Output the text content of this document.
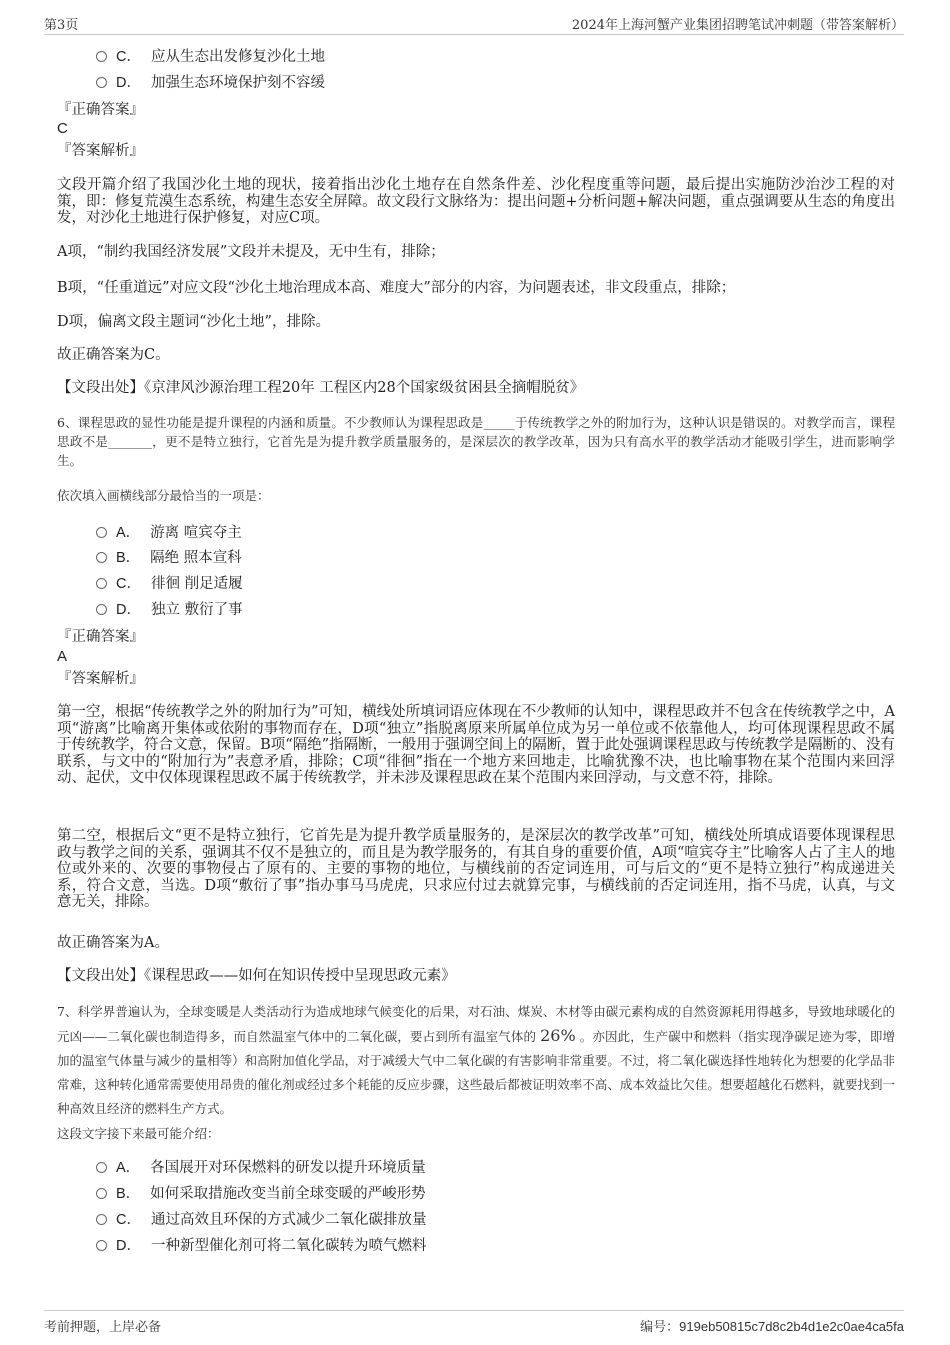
第3页	2024年上海河蟹产业集团招聘笔试冲刺题（带答案解析）
C． 应从生态出发修复沙化土地
D． 加强生态环境保护刻不容缓
『正确答案』
C
『答案解析』
文段开篇介绍了我国沙化土地的现状，接着指出沙化土地存在自然条件差、沙化程度重等问题，最后提出实施防沙治沙工程的对策，即：修复荒漠生态系统，构建生态安全屏障。故文段行文脉络为：提出问题+分析问题+解决问题，重点强调要从生态的角度出发，对沙化土地进行保护修复，对应C项。
A项，“制约我国经济发展”文段并未提及，无中生有，排除；
B项，“任重道远”对应文段“沙化土地治理成本高、难度大”部分的内容，为问题表述，非文段重点，排除；
D项，偏离文段主题词“沙化土地”，排除。
故正确答案为C。
【文段出处】《京津风沙源治理工程20年 工程区内28个国家级贫困县全摘帽脱贫》
6、课程思政的显性功能是提升课程的内涵和质量。不少教师认为课程思政是_____于传统教学之外的附加行为，这种认识是错误的。对教学而言，课程思政不是_______，更不是特立独行，它首先是为提升教学质量服务的，是深层次的教学改革，因为只有高水平的教学活动才能吸引学生，进而影响学生。
依次填入画横线部分最恰当的一项是：
A． 游离 喧宾夺主
B． 隔绝 照本宣科
C． 徘徊 削足适履
D． 独立 敷衍了事
『正确答案』
A
『答案解析』
第一空，根据“传统教学之外的附加行为”可知，横线处所填词语应体现在不少教师的认知中，课程思政并不包含在传统教学之中，A项“游离”比喻离开集体或依附的事物而存在，D项“独立”指脱离原来所属单位成为另一单位或不依靠他人，均可体现课程思政不属于传统教学，符合文意，保留。B项“隔绝”指隔断，一般用于强调空间上的隔断，置于此处强调课程思政与传统教学是隔断的、没有联系，与文中的“附加行为”表意矛盾，排除；C项“徘徊”指在一个地方来回地走，比喻犹豫不决，也比喻事物在某个范围内来回浮动、起伏，文中仅体现课程思政不属于传统教学，并未涉及课程思政在某个范围内来回浮动，与文意不符，排除。
第二空，根据后文“更不是特立独行，它首先是为提升教学质量服务的，是深层次的教学改革”可知，横线处所填成语要体现课程思政与教学之间的关系，强调其不仅不是独立的，而且是为教学服务的，有其自身的重要价值，A项“喧宾夺主”比喻客人占了主人的地位或外来的、次要的事物侵占了原有的、主要的事物的地位，与横线前的否定词连用，可与后文的“更不是特立独行”构成递进关系，符合文意，当选。D项“敷衍了事”指办事马马虎虎，只求应付过去就算完事，与横线前的否定词连用，指不马虎，认真，与文意无关，排除。
故正确答案为A。
【文段出处】《课程思政——如何在知识传授中呈现思政元素》
7、科学界普遍认为，全球变暖是人类活动行为造成地球气候变化的后果，对石油、煤炭、木材等由碳元素构成的自然资源耗用得越多，导致地球暖化的元凶——二氧化碳也制造得多，而自然温室气体中的二氧化碳，要占到所有温室气体的 26% 。亦因此，生产碳中和燃料（指实现净碳足迹为零，即增加的温室气体量与减少的量相等）和高附加值化学品，对于减缓大气中二氧化碳的有害影响非常重要。不过，将二氧化碳选择性地转化为想要的化学品非常难，这种转化通常需要使用昂贵的催化剂或经过多个耗能的反应步骤，这些最后都被证明效率不高、成本效益比欠佳。想要超越化石燃料，就要找到一种高效且经济的燃料生产方式。
这段文字接下来最可能介绍：
A． 各国展开对环保燃料的研发以提升环境质量
B． 如何采取措施改变当前全球变暖的严峻形势
C． 通过高效且环保的方式减少二氧化碳排放量
D． 一种新型催化剂可将二氧化碳转为喷气燃料
考前押题，上岸必备	编号：919eb50815c7d8c2b4d1e2c0ae4ca5fa
